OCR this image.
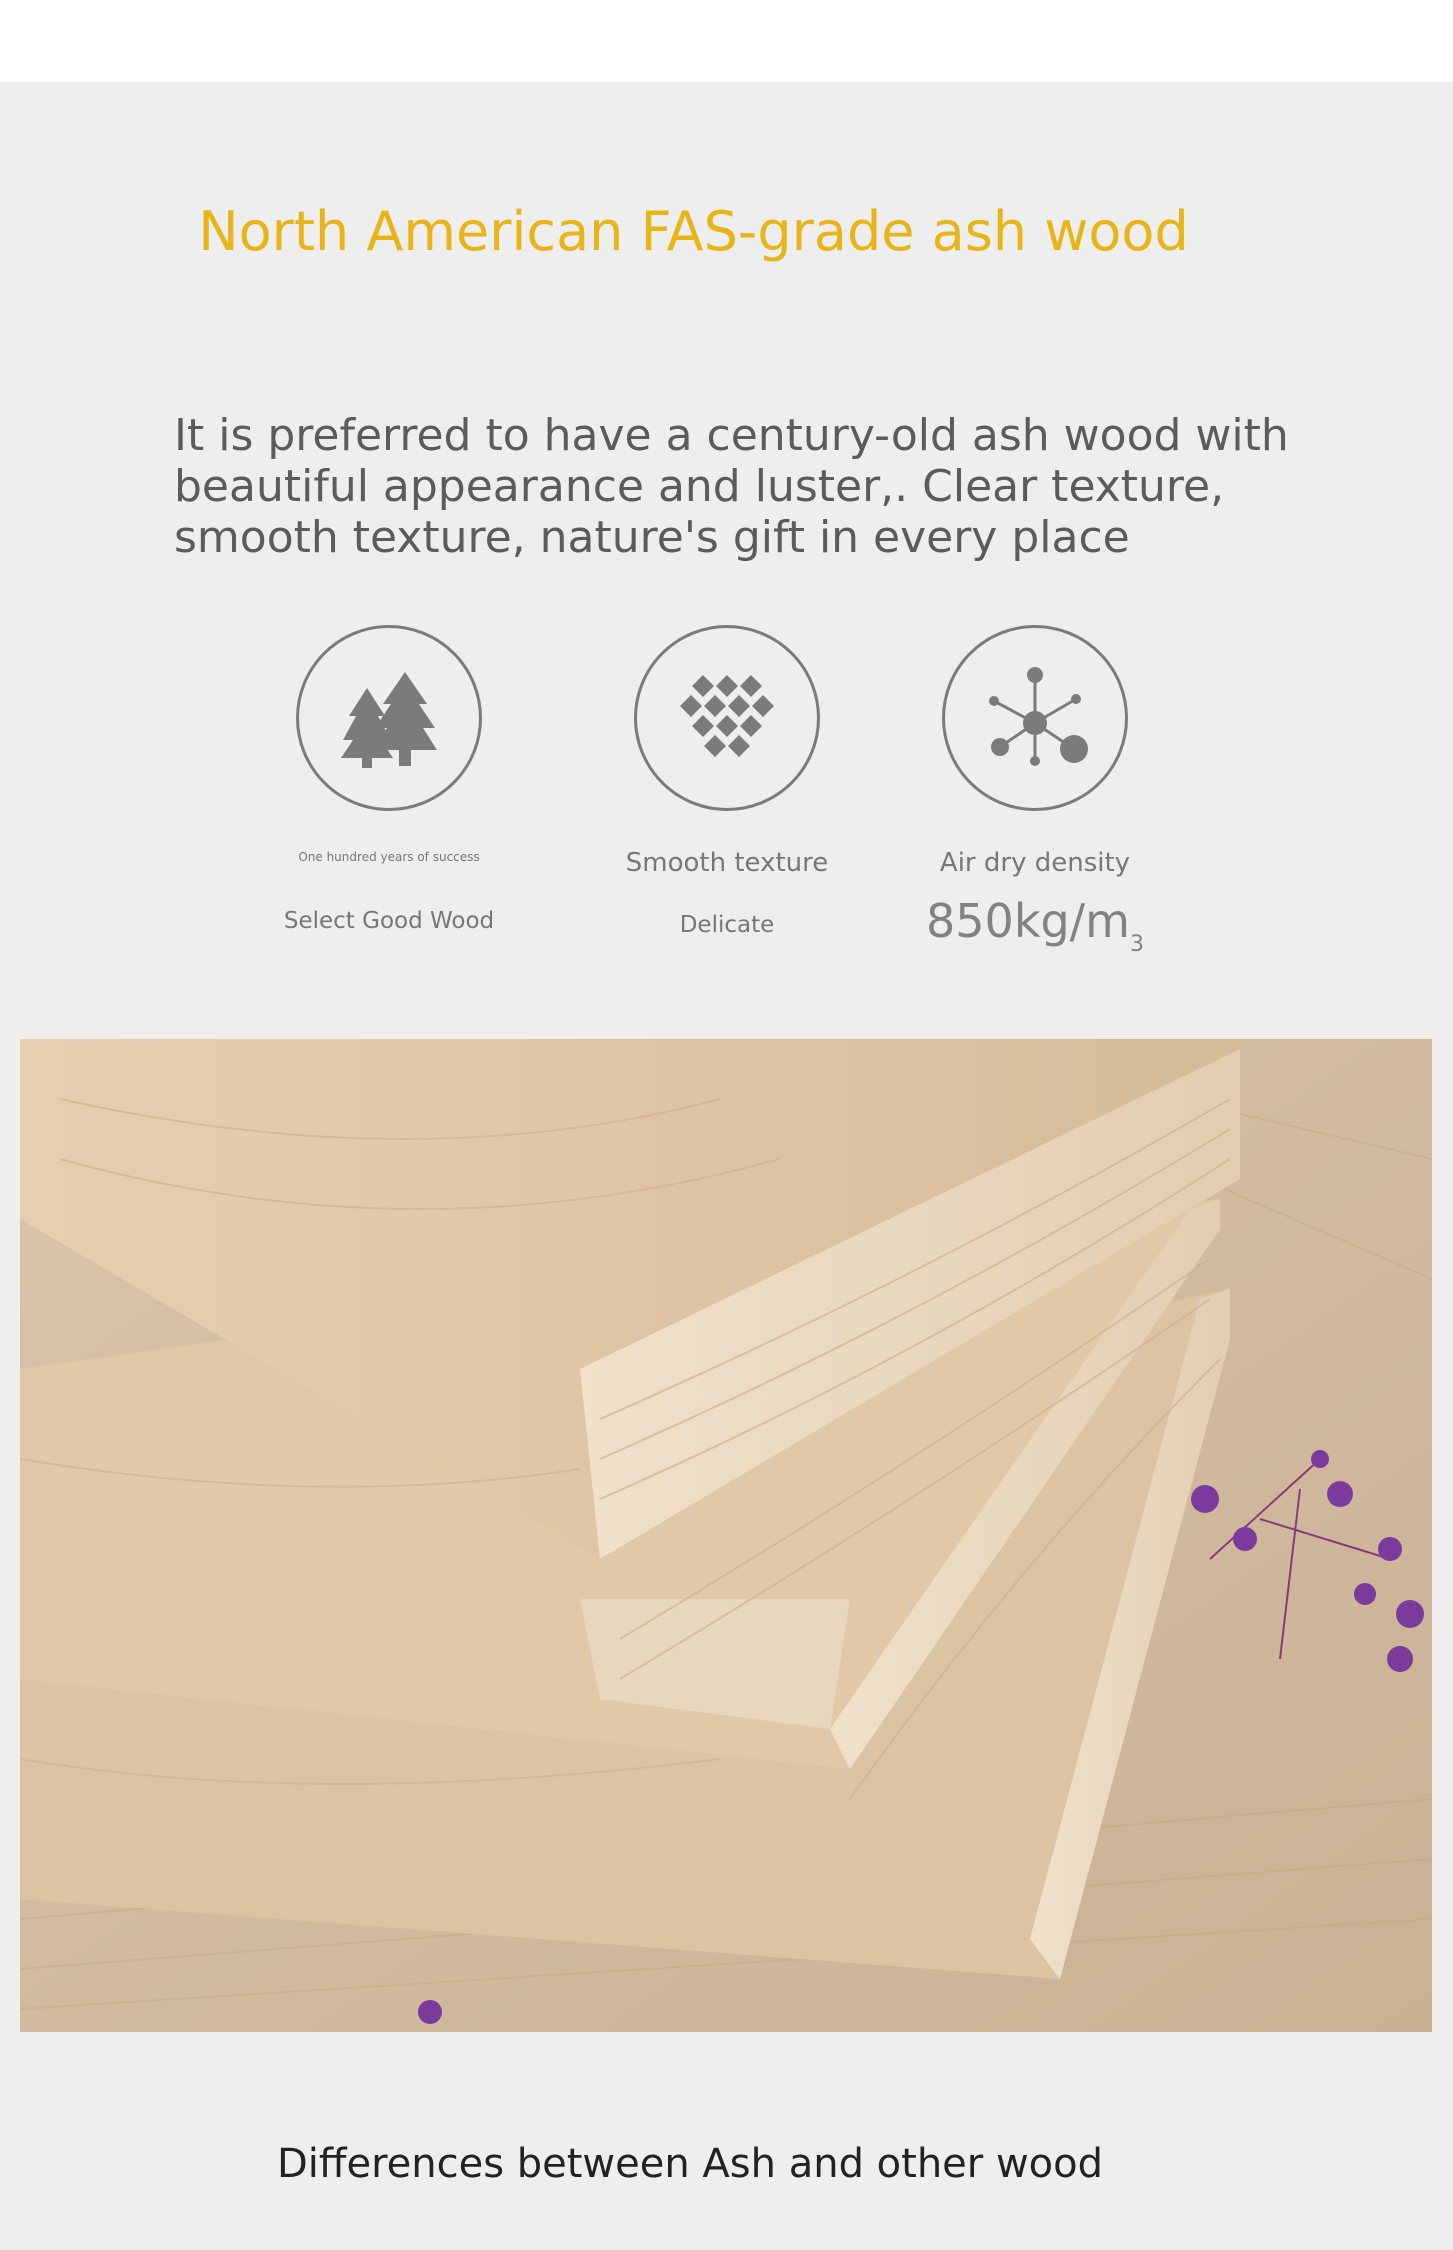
North American FAS-grade ash wood

It is preferred to have a century-old ash wood with beautiful appearance and luster,. Clear texture, smooth texture, nature's gift in every place

One hundred years of success
Select Good Wood
Smooth texture
Delicate
Air dry density
$850kg/m_3$

Differences between Ash and other wood
